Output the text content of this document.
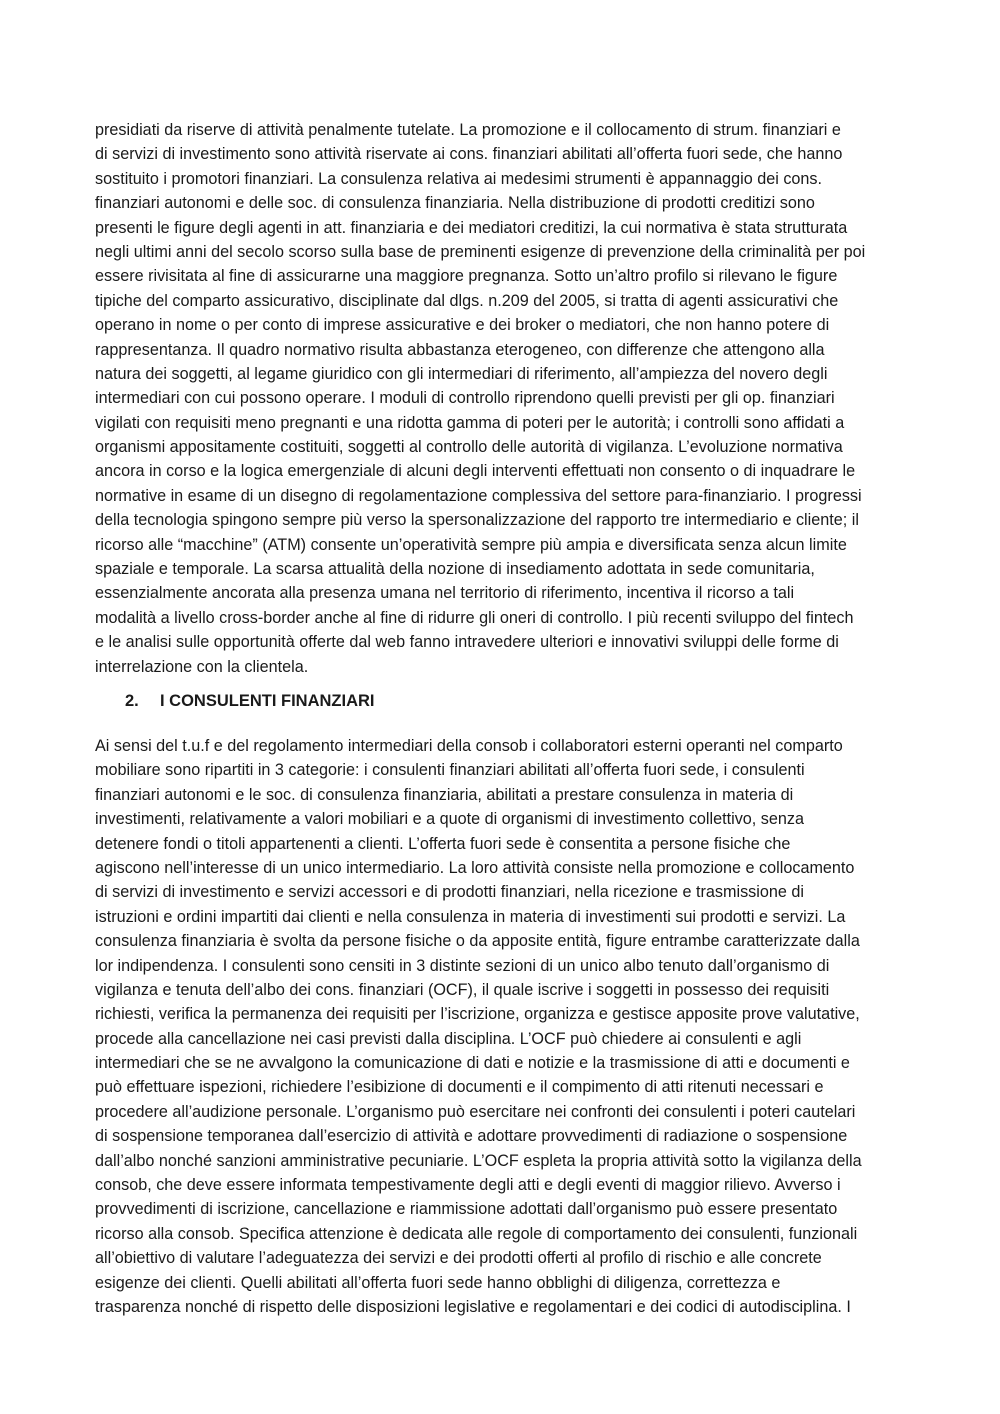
presidiati da riserve di attività penalmente tutelate. La promozione e il collocamento di strum. finanziari e
di servizi di investimento sono attività riservate ai cons. finanziari abilitati all’offerta fuori sede, che hanno
sostituito i promotori finanziari. La consulenza relativa ai medesimi strumenti è appannaggio dei cons.
finanziari autonomi e delle soc. di consulenza finanziaria. Nella distribuzione di prodotti creditizi sono
presenti le figure degli agenti in att. finanziaria e dei mediatori creditizi, la cui normativa è stata strutturata
negli ultimi anni del secolo scorso sulla base de preminenti esigenze di prevenzione della criminalità per poi
essere rivisitata al fine di assicurarne una maggiore pregnanza. Sotto un’altro profilo si rilevano le figure
tipiche del comparto assicurativo, disciplinate dal dlgs. n.209 del 2005, si tratta di agenti assicurativi che
operano in nome o per conto di imprese assicurative e dei broker o mediatori, che non hanno potere di
rappresentanza. Il quadro normativo risulta abbastanza eterogeneo, con differenze che attengono alla
natura dei soggetti, al legame giuridico con gli intermediari di riferimento, all’ampiezza del novero degli
intermediari con cui possono operare. I moduli di controllo riprendono quelli previsti per gli op. finanziari
vigilati con requisiti meno pregnanti e una ridotta gamma di poteri per le autorità; i controlli sono affidati a
organismi appositamente costituiti, soggetti al controllo delle autorità di vigilanza. L’evoluzione normativa
ancora in corso e la logica emergenziale di alcuni degli interventi effettuati non consento o di inquadrare le
normative in esame di un disegno di regolamentazione complessiva del settore para-finanziario. I progressi
della tecnologia spingono sempre più verso la spersonalizzazione del rapporto tre intermediario e cliente; il
ricorso alle “macchine” (ATM) consente un’operatività sempre più ampia e diversificata senza alcun limite
spaziale e temporale. La scarsa attualità della nozione di insediamento adottata in sede comunitaria,
essenzialmente ancorata alla presenza umana nel territorio di riferimento, incentiva il ricorso a tali
modalità a livello cross-border anche al fine di ridurre gli oneri di controllo. I più recenti sviluppo del fintech
e le analisi sulle opportunità offerte dal web fanno intravedere ulteriori e innovativi sviluppi delle forme di
interrelazione con la clientela.

2. I CONSULENTI FINANZIARI

Ai sensi del t.u.f e del regolamento intermediari della consob i collaboratori esterni operanti nel comparto
mobiliare sono ripartiti in 3 categorie: i consulenti finanziari abilitati all’offerta fuori sede, i consulenti
finanziari autonomi e le soc. di consulenza finanziaria, abilitati a prestare consulenza in materia di
investimenti, relativamente a valori mobiliari e a quote di organismi di investimento collettivo, senza
detenere fondi o titoli appartenenti a clienti. L’offerta fuori sede è consentita a persone fisiche che
agiscono nell’interesse di un unico intermediario. La loro attività consiste nella promozione e collocamento
di servizi di investimento e servizi accessori e di prodotti finanziari, nella ricezione e trasmissione di
istruzioni e ordini impartiti dai clienti e nella consulenza in materia di investimenti sui prodotti e servizi. La
consulenza finanziaria è svolta da persone fisiche o da apposite entità, figure entrambe caratterizzate dalla
lor indipendenza. I consulenti sono censiti in 3 distinte sezioni di un unico albo tenuto dall’organismo di
vigilanza e tenuta dell’albo dei cons. finanziari (OCF), il quale iscrive i soggetti in possesso dei requisiti
richiesti, verifica la permanenza dei requisiti per l’iscrizione, organizza e gestisce apposite prove valutative,
procede alla cancellazione nei casi previsti dalla disciplina. L’OCF può chiedere ai consulenti e agli
intermediari che se ne avvalgono la comunicazione di dati e notizie e la trasmissione di atti e documenti e
può effettuare ispezioni, richiedere l’esibizione di documenti e il compimento di atti ritenuti necessari e
procedere all’audizione personale. L’organismo può esercitare nei confronti dei consulenti i poteri cautelari
di sospensione temporanea dall’esercizio di attività e adottare provvedimenti di radiazione o sospensione
dall’albo nonché sanzioni amministrative pecuniarie. L’OCF espleta la propria attività sotto la vigilanza della
consob, che deve essere informata tempestivamente degli atti e degli eventi di maggior rilievo. Avverso i
provvedimenti di iscrizione, cancellazione e riammissione adottati dall’organismo può essere presentato
ricorso alla consob. Specifica attenzione è dedicata alle regole di comportamento dei consulenti, funzionali
all’obiettivo di valutare l’adeguatezza dei servizi e dei prodotti offerti al profilo di rischio e alle concrete
esigenze dei clienti. Quelli abilitati all’offerta fuori sede hanno obblighi di diligenza, correttezza e
trasparenza nonché di rispetto delle disposizioni legislative e regolamentari e dei codici di autodisciplina. I
